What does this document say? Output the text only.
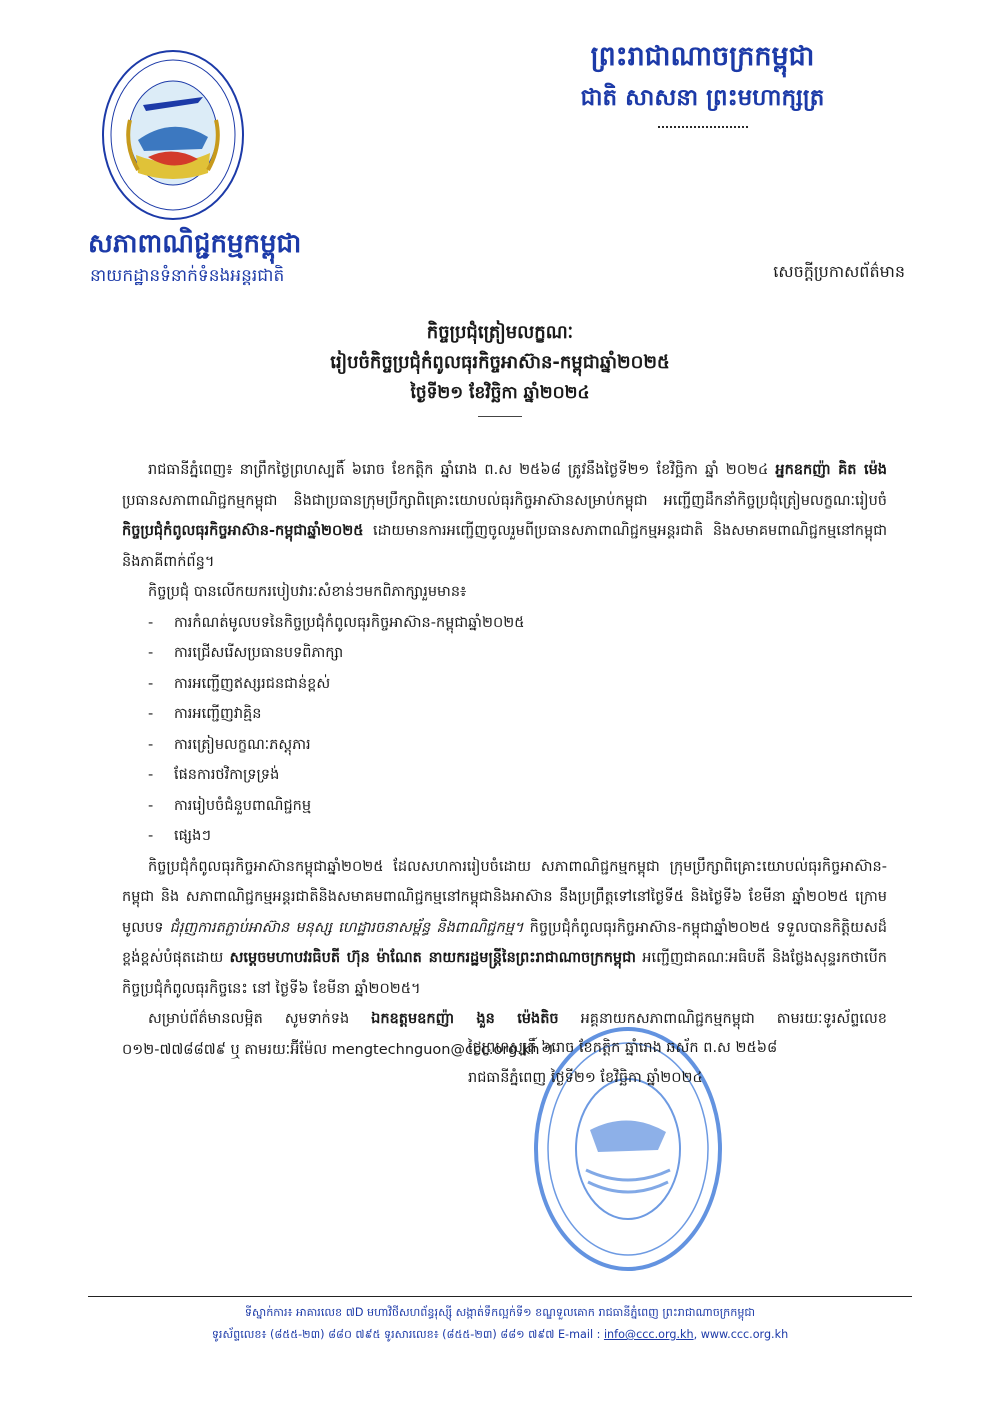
ព្រះរាជាណាចក្រកម្ពុជា
ជាតិ សាសនា ព្រះមហាក្សត្រ
សភាពាណិជ្ជកម្មកម្ពុជា
នាយកដ្ឋានទំនាក់ទំនងអន្តរជាតិ	សេចក្តីប្រកាសព័ត៌មាន
កិច្ចប្រជុំត្រៀមលក្ខណៈ
រៀបចំកិច្ចប្រជុំកំពូលធុរកិច្ចអាស៊ាន-កម្ពុជាឆ្នាំ២០២៥
ថ្ងៃទី២១ ខែវិច្ឆិកា ឆ្នាំ២០២៤

រាជធានីភ្នំពេញ៖ នាព្រឹកថ្ងៃព្រហស្បតិ៍ ៦រោច ខែកត្តិក ឆ្នាំរោង ព.ស ២៥៦៨ ត្រូវនឹងថ្ងៃទី២១ ខែវិច្ឆិកា ឆ្នាំ ២០២៤ អ្នកឧកញ៉ា គិត ម៉េង ប្រធានសភាពាណិជ្ជកម្មកម្ពុជា និងជាប្រធានក្រុមប្រឹក្សាពិគ្រោះយោបល់ធុរកិច្ចអាស៊ានសម្រាប់កម្ពុជា អញ្ជើញដឹកនាំកិច្ចប្រជុំត្រៀមលក្ខណៈរៀបចំ កិច្ចប្រជុំកំពូលធុរកិច្ចអាស៊ាន-កម្ពុជាឆ្នាំ២០២៥ ដោយមានការអញ្ជើញចូលរួមពីប្រធានសភាពាណិជ្ជកម្មអន្តរជាតិ និងសមាគមពាណិជ្ជកម្មនៅកម្ពុជា និងភាគីពាក់ព័ន្ធ។

កិច្ចប្រជុំ បានលើកយករបៀបវារៈសំខាន់ៗមកពិភាក្សារួមមាន៖

-	ការកំណត់មូលបទនៃកិច្ចប្រជុំកំពូលធុរកិច្ចអាស៊ាន-កម្ពុជាឆ្នាំ២០២៥
-	ការជ្រើសរើសប្រធានបទពិភាក្សា
-	ការអញ្ជើញឥស្សរជនជាន់ខ្ពស់
-	ការអញ្ជើញវាគ្មិន
-	ការត្រៀមលក្ខណៈភស្តុភារ
-	ផែនការថវិកាទ្រទ្រង់
-	ការរៀបចំជំនួបពាណិជ្ជកម្ម
-	ផ្សេងៗ

កិច្ចប្រជុំកំពូលធុរកិច្ចអាស៊ានកម្ពុជាឆ្នាំ២០២៥ ដែលសហការរៀបចំដោយ សភាពាណិជ្ជកម្មកម្ពុជា ក្រុមប្រឹក្សាពិគ្រោះយោបល់ធុរកិច្ចអាស៊ាន-កម្ពុជា និង សភាពាណិជ្ជកម្មអន្តរជាតិនិងសមាគមពាណិជ្ជកម្មនៅកម្ពុជានិងអាស៊ាន នឹងប្រព្រឹត្តទៅនៅថ្ងៃទី៥ និងថ្ងៃទី៦ ខែមីនា ឆ្នាំ២០២៥ ក្រោមមូលបទ ជំរុញការតភ្ជាប់អាស៊ាន មនុស្ស ហេដ្ឋារចនាសម្ព័ន្ធ និងពាណិជ្ជកម្ម។ កិច្ចប្រជុំកំពូលធុរកិច្ចអាស៊ាន-កម្ពុជាឆ្នាំ២០២៥ ទទួលបានកិត្តិយសដ៏ខ្ពង់ខ្ពស់បំផុតដោយ សម្តេចមហាបវរធិបតី ហ៊ុន ម៉ាណែត នាយករដ្ឋមន្ត្រីនៃព្រះរាជាណាចក្រកម្ពុជា អញ្ជើញជាគណៈអធិបតី និងថ្លែងសុន្ទរកថាបើក កិច្ចប្រជុំកំពូលធុរកិច្ចនេះ នៅ ថ្ងៃទី៦ ខែមីនា ឆ្នាំ២០២៥។

សម្រាប់ព័ត៌មានលម្អិត សូមទាក់ទង ឯកឧត្តមឧកញ៉ា ងួន ម៉េងតិច អគ្គនាយកសភាពាណិជ្ជកម្មកម្ពុជា តាមរយៈទូរស័ព្ទលេខ ០១២-៧៧៨៨៧៩ ឬ តាមរយៈអ៊ីម៉ែល mengtechnguon@ccc.org.kh ។

ថ្ងៃព្រហស្បតិ៍ ៦រោច ខែកត្តិក ឆ្នាំរោង ឆស័ក ព.ស ២៥៦៨
រាជធានីភ្នំពេញ ថ្ងៃទី២១ ខែវិច្ឆិកា ឆ្នាំ២០២៤
ទីស្នាក់ការ៖ អាគារលេខ ៧D មហាវិថីសហព័ន្ធរុស្ស៊ី សង្កាត់ទឹកល្អក់ទី១ ខណ្ឌទួលគោក រាជធានីភ្នំពេញ ព្រះរាជាណាចក្រកម្ពុជា
ទូរស័ព្ទលេខ៖ (៨៥៥-២៣) ៨៨០ ៧៩៥ ទូរសារលេខ៖ (៨៥៥-២៣) ៨៨១ ៧៩៧ E-mail : info@ccc.org.kh, www.ccc.org.kh
